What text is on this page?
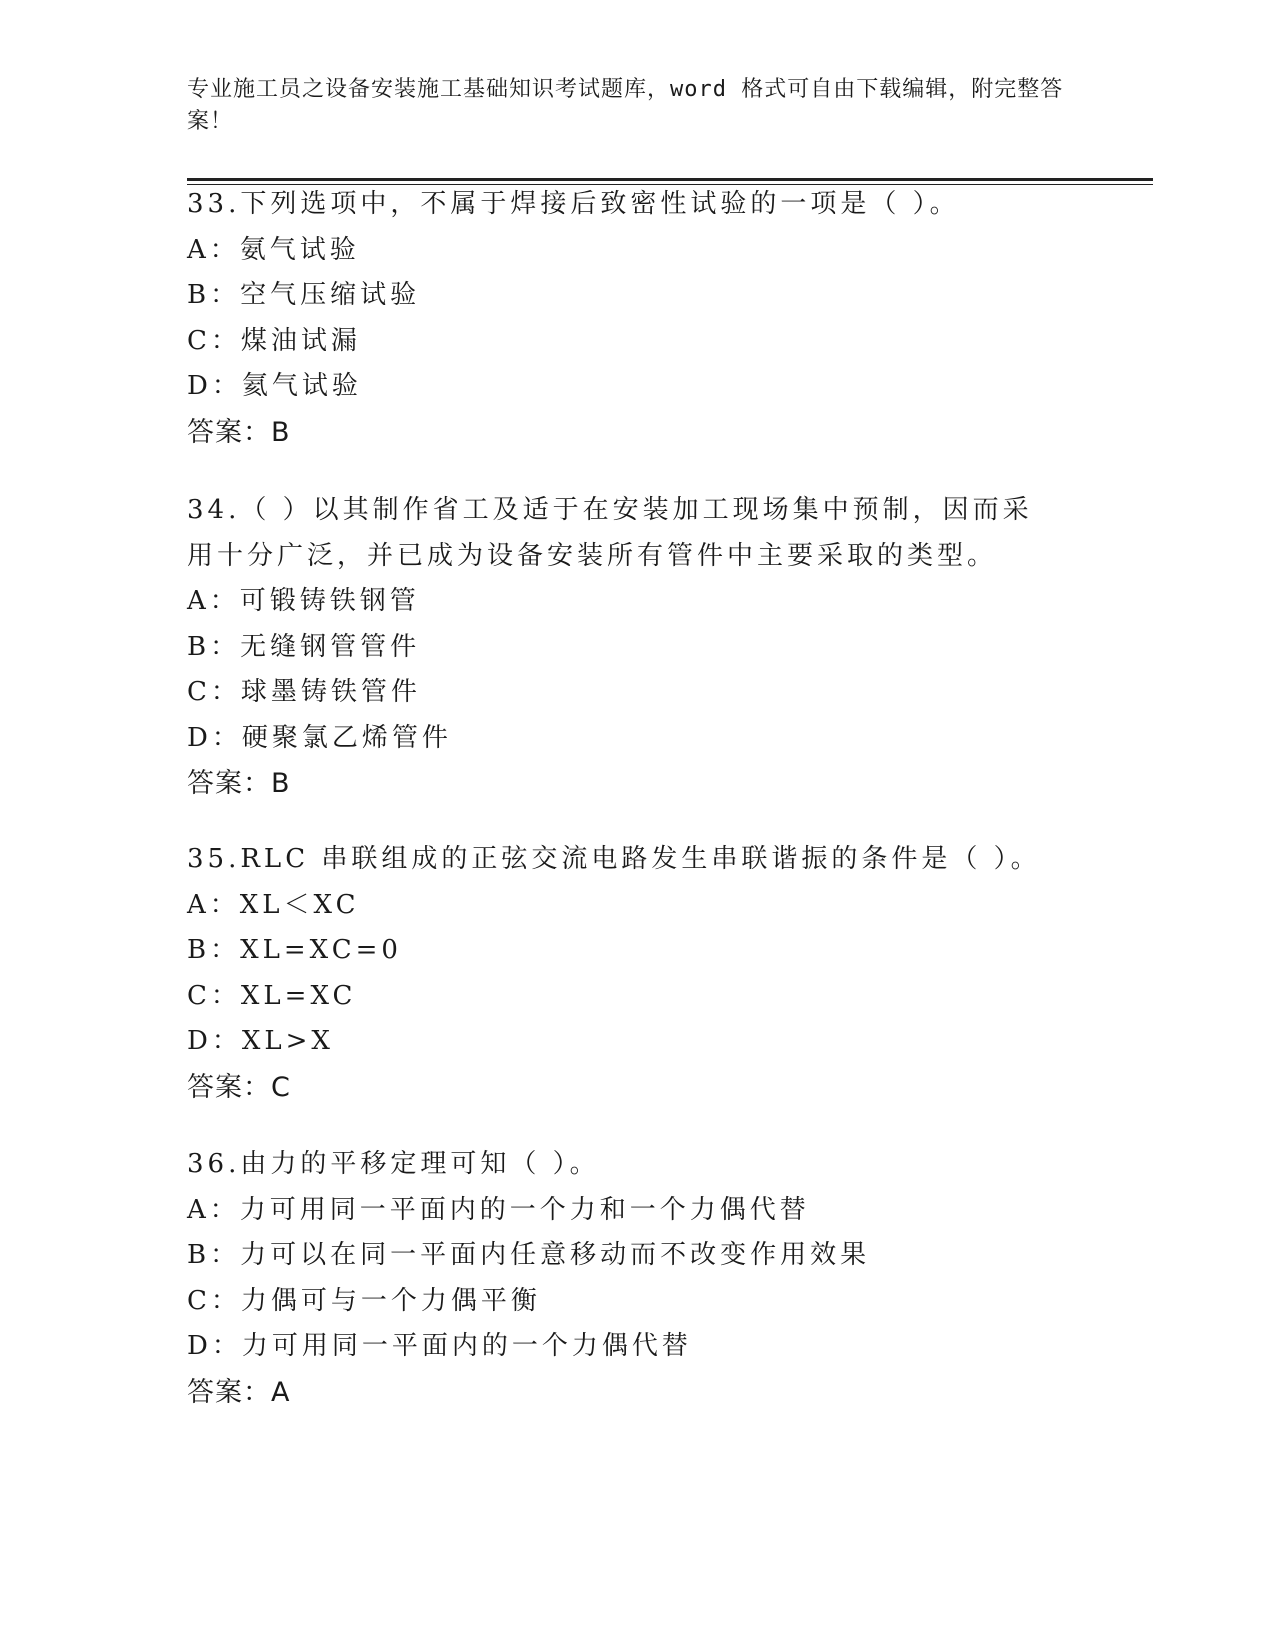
专业施工员之设备安装施工基础知识考试题库，word 格式可自由下载编辑，附完整答案！
33.下列选项中，不属于焊接后致密性试验的一项是（ ）。
A：氨气试验
B：空气压缩试验
C：煤油试漏
D：氦气试验
答案：B
34.（ ）以其制作省工及适于在安装加工现场集中预制，因而采用十分广泛，并已成为设备安装所有管件中主要采取的类型。
A：可锻铸铁钢管
B：无缝钢管管件
C：球墨铸铁管件
D：硬聚氯乙烯管件
答案：B
35.RLC 串联组成的正弦交流电路发生串联谐振的条件是（ ）。
A：XL＜XC
B：XL=XC=0
C：XL=XC
D：XL>X
答案：C
36.由力的平移定理可知（ ）。
A：力可用同一平面内的一个力和一个力偶代替
B：力可以在同一平面内任意移动而不改变作用效果
C：力偶可与一个力偶平衡
D：力可用同一平面内的一个力偶代替
答案：A
